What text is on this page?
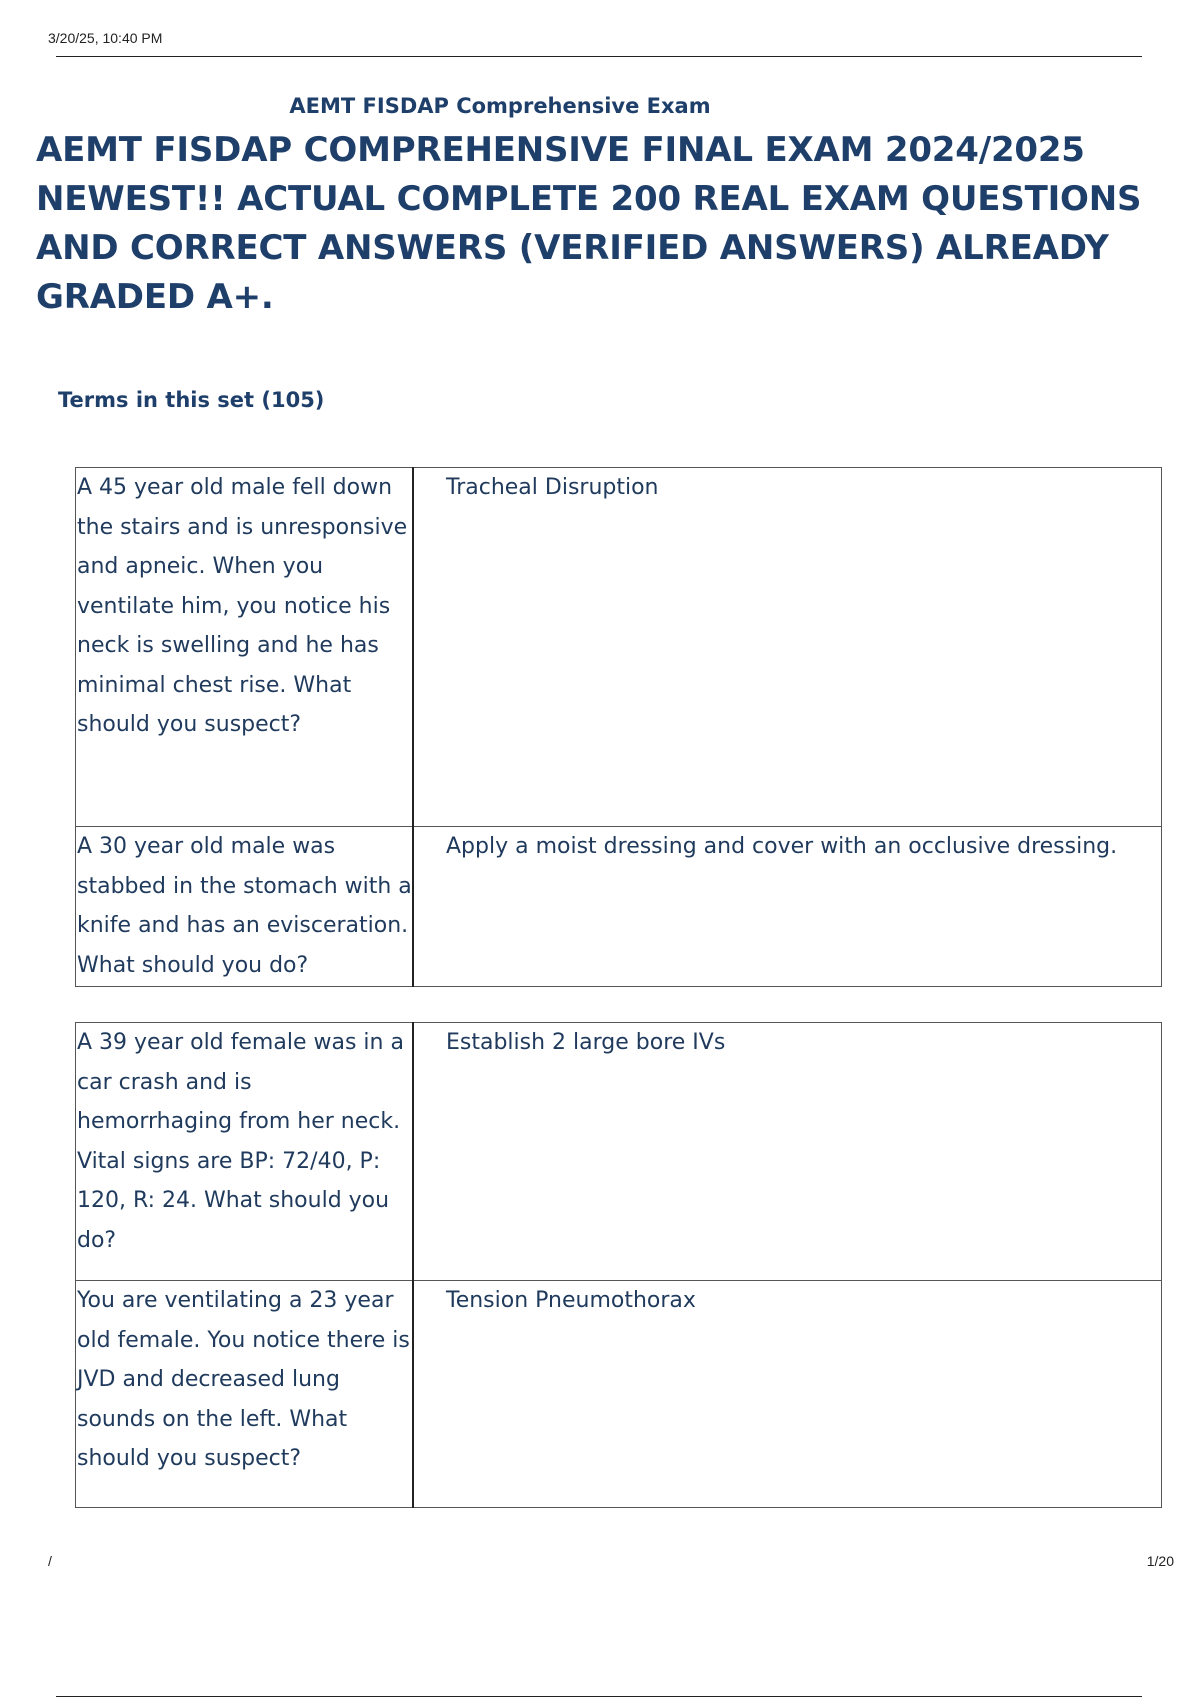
3/20/25, 10:40 PM
AEMT FISDAP Comprehensive Exam
AEMT FISDAP COMPREHENSIVE FINAL EXAM 2024/2025 NEWEST!! ACTUAL COMPLETE 200 REAL EXAM QUESTIONS AND CORRECT ANSWERS (VERIFIED ANSWERS) ALREADY GRADED A+.
Terms in this set (105)
A 45 year old male fell down the stairs and is unresponsive and apneic. When you ventilate him, you notice his neck is swelling and he has minimal chest rise. What should you suspect?	Tracheal Disruption
A 30 year old male was stabbed in the stomach with a knife and has an evisceration. What should you do?	Apply a moist dressing and cover with an occlusive dressing.
A 39 year old female was in a car crash and is hemorrhaging from her neck. Vital signs are BP: 72/40, P: 120, R: 24. What should you do?	Establish 2 large bore IVs
You are ventilating a 23 year old female. You notice there is JVD and decreased lung sounds on the left. What should you suspect?	Tension Pneumothorax
/	1/20
